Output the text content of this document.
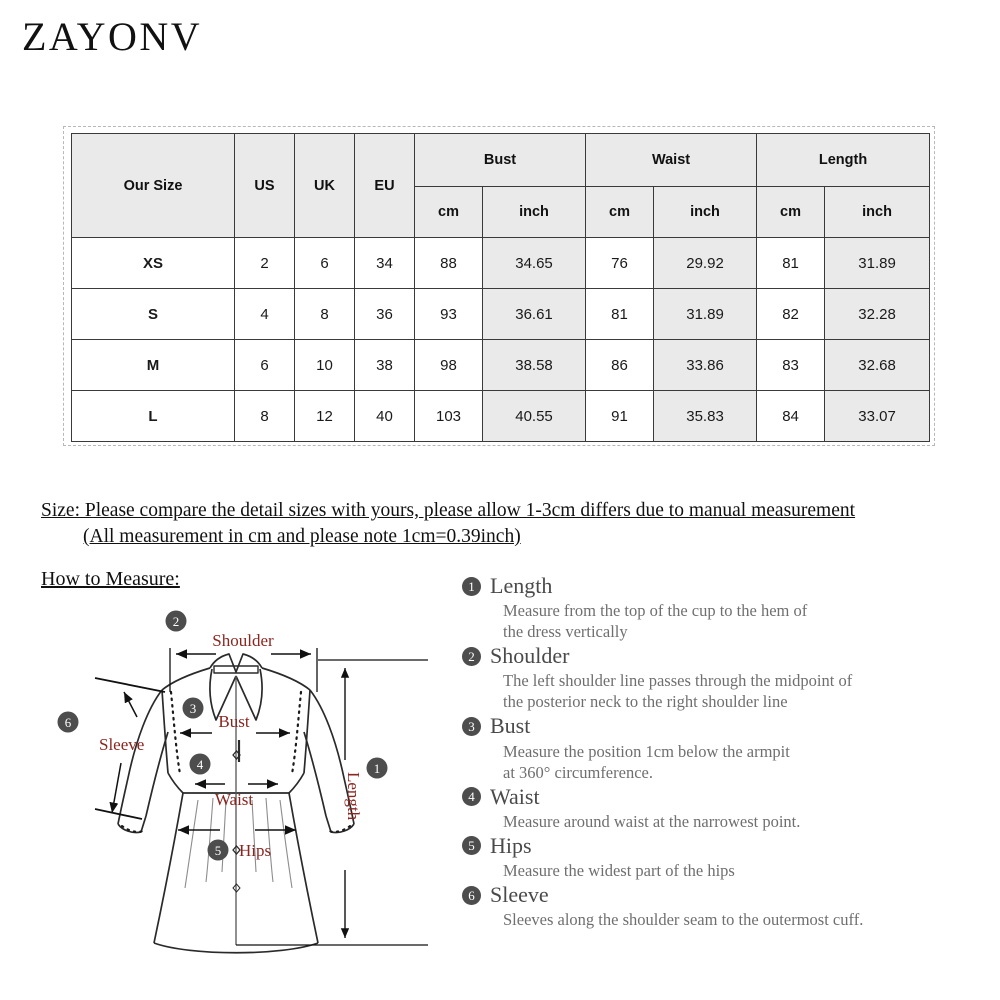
ZAYONV
Our Size	US	UK	EU	Bust		Waist		Length	
				cm	inch	cm	inch	cm	inch
XS	2	6	34	88	34.65	76	29.92	81	31.89
S	4	8	36	93	36.61	81	31.89	82	32.28
M	6	10	38	98	38.58	86	33.86	83	32.68
L	8	12	40	103	40.55	91	35.83	84	33.07
Size: Please compare the detail sizes with yours, please allow 1-3cm differs due to manual measurement
(All measurement in cm and please note 1cm=0.39inch)
How to Measure:
Shoulder
Bust
Waist
Hips
Sleeve
Length
2
6
3
4
5
1
1 Length
Measure from the top of the cup to the hem of
the dress vertically
2 Shoulder
The left shoulder line passes through the midpoint of
the posterior neck to the right shoulder line
3 Bust
Measure the position 1cm below the armpit
at 360° circumference.
4 Waist
Measure around waist at the narrowest point.
5 Hips
Measure the widest part of the hips
6 Sleeve
Sleeves along the shoulder seam to the outermost cuff.
